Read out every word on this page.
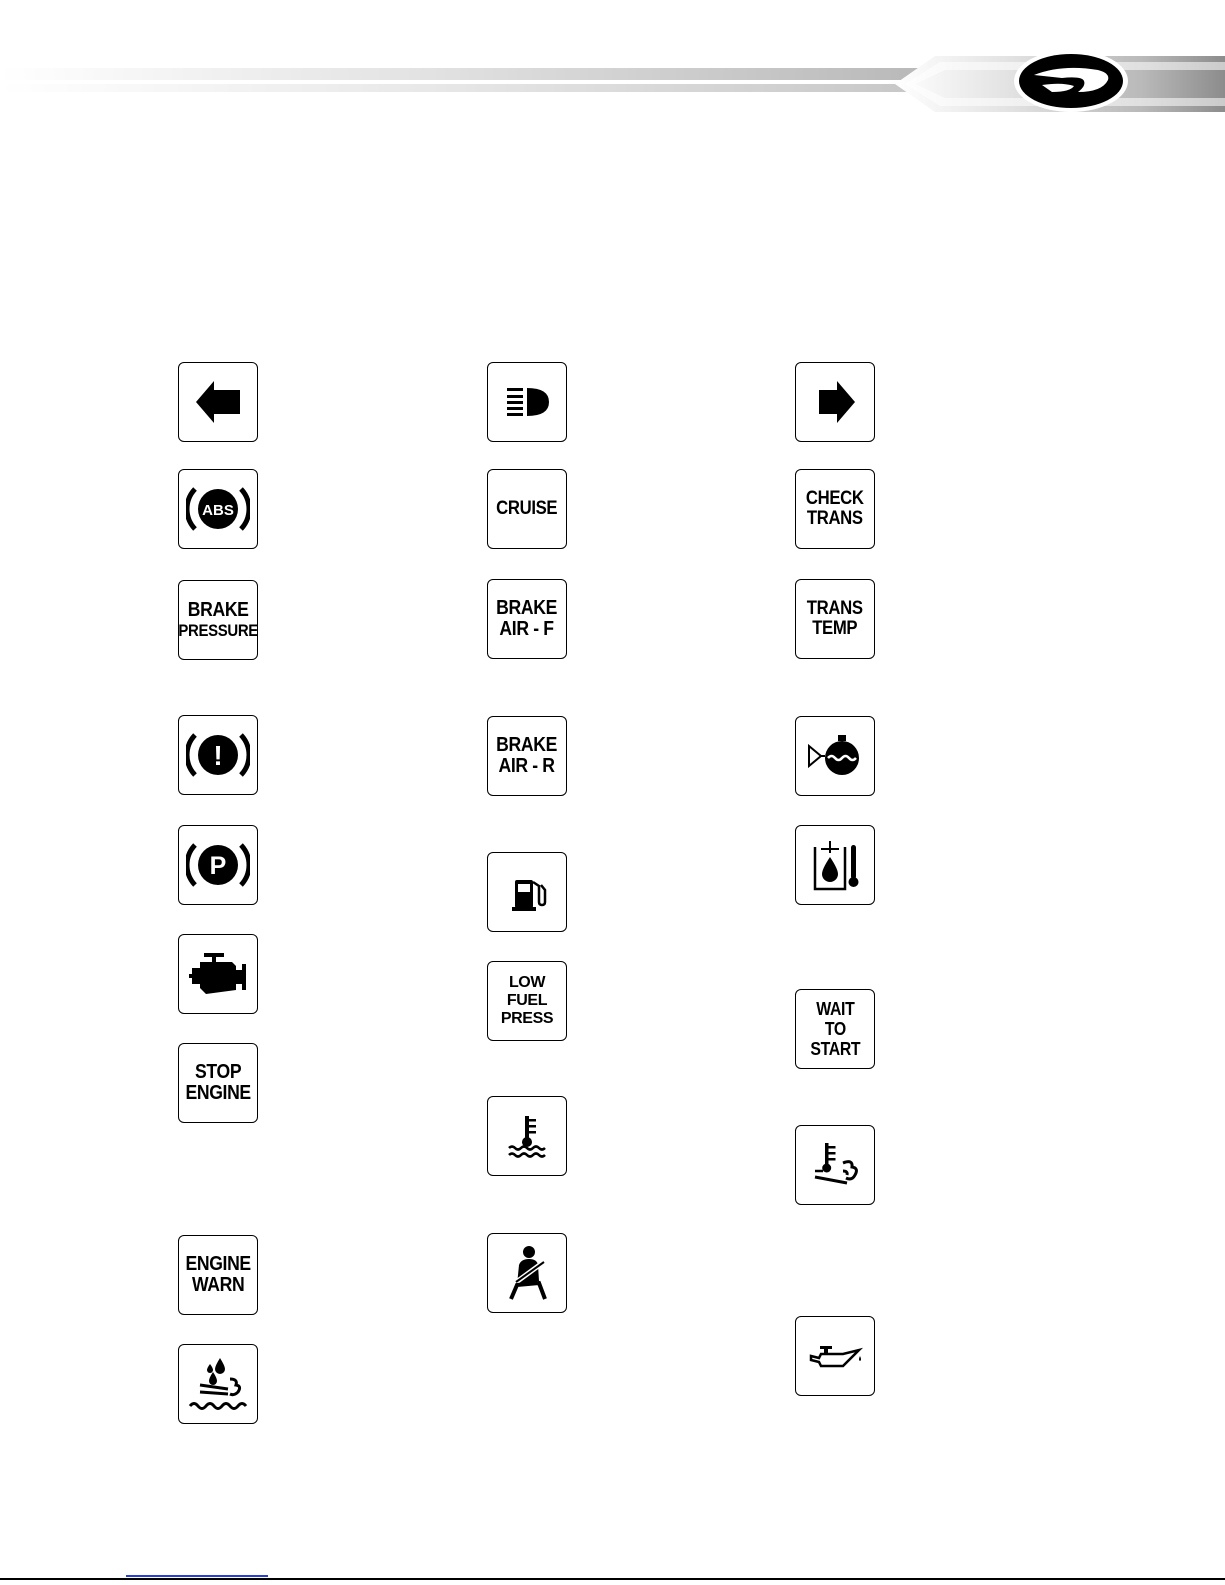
ABS
BRAKE
PRESSURE
!
P
STOP
ENGINE
ENGINE
WARN
CRUISE
BRAKE
AIR - F
BRAKE
AIR - R
LOW
FUEL
PRESS
CHECK
TRANS
TRANS
TEMP
WAIT
TO
START
